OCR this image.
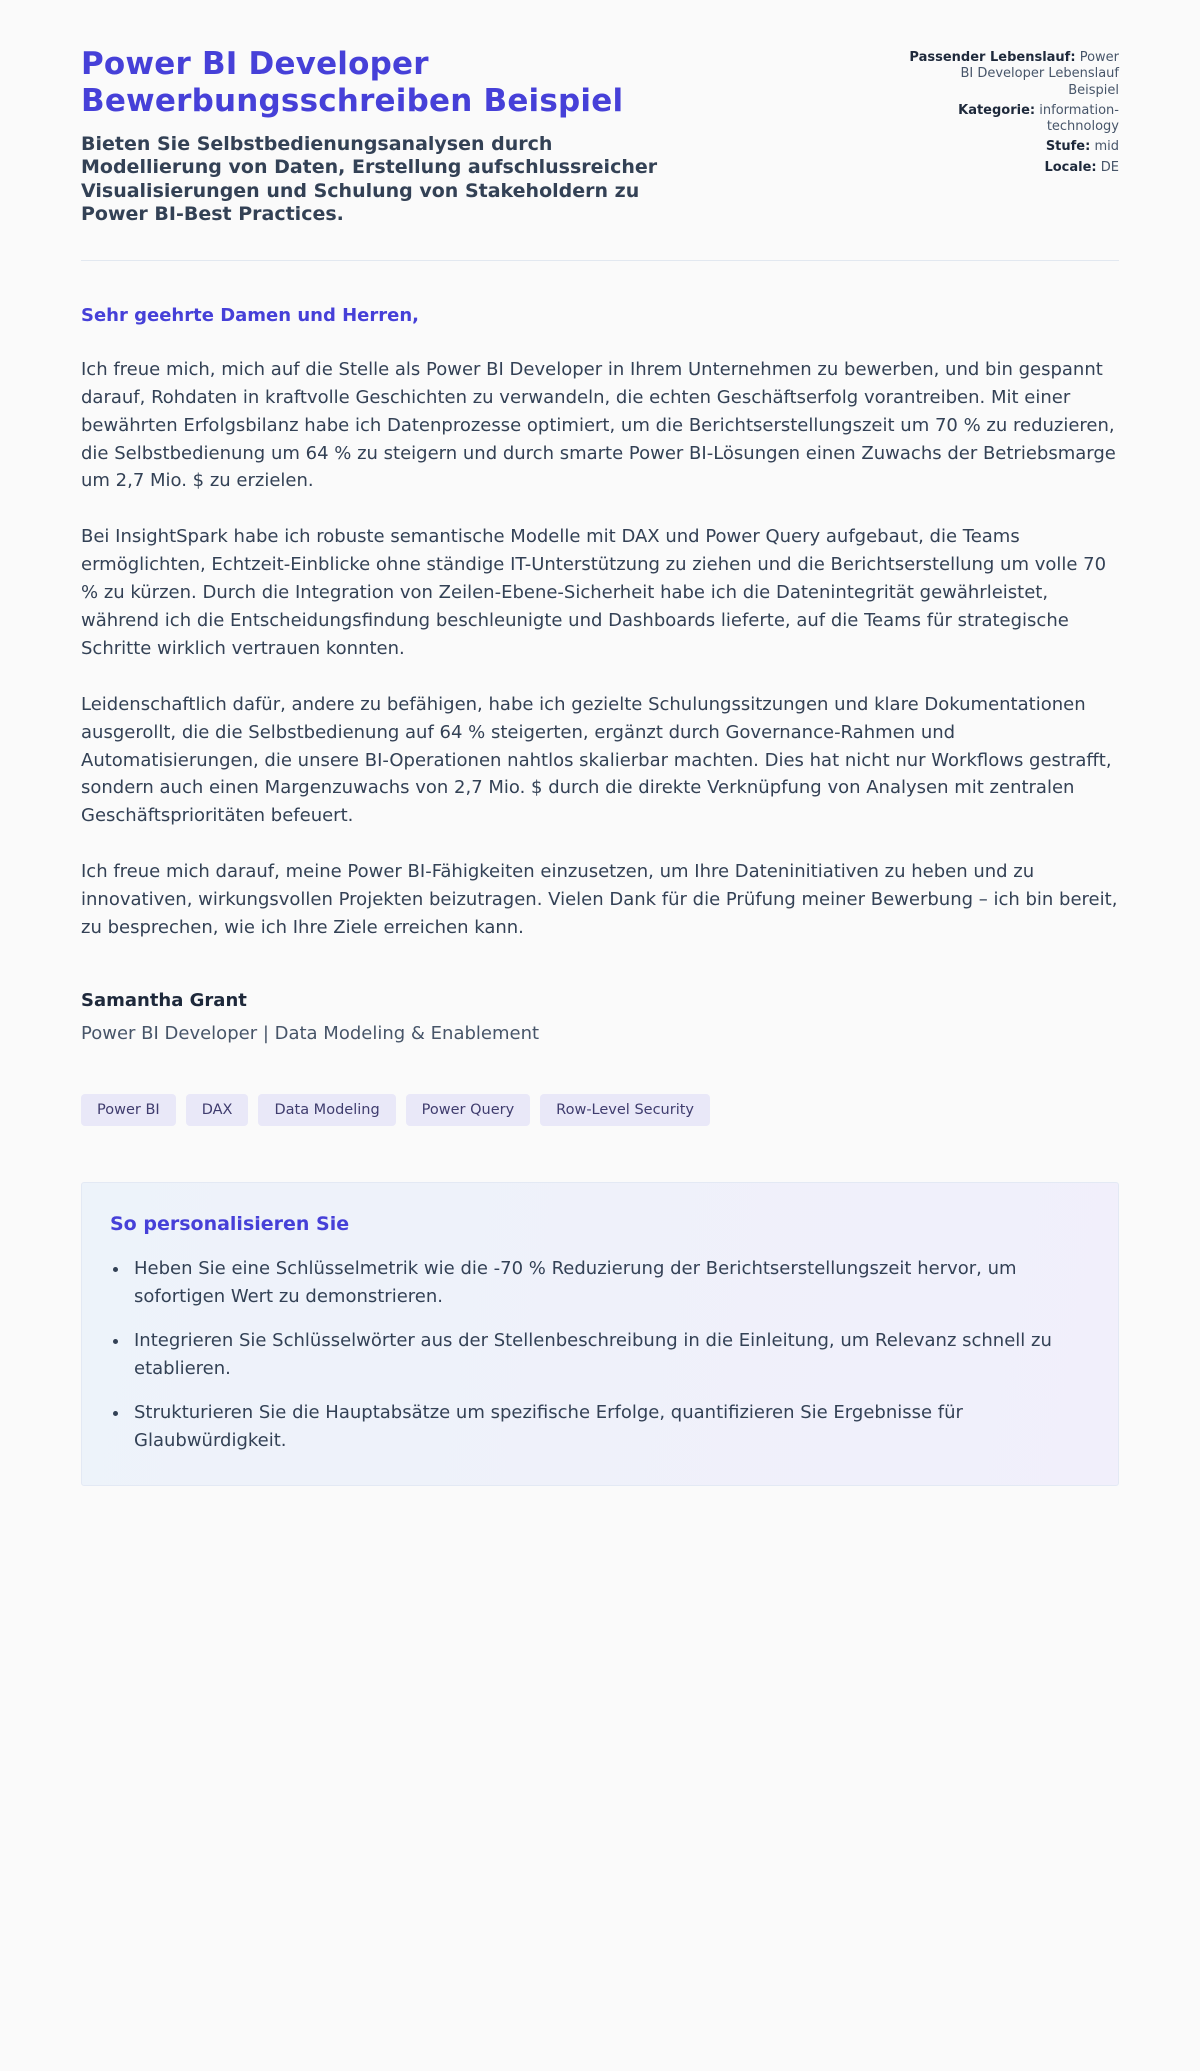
Power BI Developer Bewerbungsschreiben Beispiel

Bieten Sie Selbstbedienungsanalysen durch Modellierung von Daten, Erstellung aufschlussreicher Visualisierungen und Schulung von Stakeholdern zu Power BI-Best Practices.

Passender Lebenslauf: Power BI Developer Lebenslauf Beispiel

Kategorie: information-technology

Stufe: mid

Locale: DE

Sehr geehrte Damen und Herren,

Ich freue mich, mich auf die Stelle als Power BI Developer in Ihrem Unternehmen zu bewerben, und bin gespannt darauf, Rohdaten in kraftvolle Geschichten zu verwandeln, die echten Geschäftserfolg vorantreiben. Mit einer bewährten Erfolgsbilanz habe ich Datenprozesse optimiert, um die Berichtserstellungszeit um 70 % zu reduzieren, die Selbstbedienung um 64 % zu steigern und durch smarte Power BI-Lösungen einen Zuwachs der Betriebsmarge um 2,7 Mio. $ zu erzielen.

Bei InsightSpark habe ich robuste semantische Modelle mit DAX und Power Query aufgebaut, die Teams ermöglichten, Echtzeit-Einblicke ohne ständige IT-Unterstützung zu ziehen und die Berichtserstellung um volle 70 % zu kürzen. Durch die Integration von Zeilen-Ebene-Sicherheit habe ich die Datenintegrität gewährleistet, während ich die Entscheidungsfindung beschleunigte und Dashboards lieferte, auf die Teams für strategische Schritte wirklich vertrauen konnten.

Leidenschaftlich dafür, andere zu befähigen, habe ich gezielte Schulungssitzungen und klare Dokumentationen ausgerollt, die die Selbstbedienung auf 64 % steigerten, ergänzt durch Governance-Rahmen und Automatisierungen, die unsere BI-Operationen nahtlos skalierbar machten. Dies hat nicht nur Workflows gestrafft, sondern auch einen Margenzuwachs von 2,7 Mio. $ durch die direkte Verknüpfung von Analysen mit zentralen Geschäftsprioritäten befeuert.

Ich freue mich darauf, meine Power BI-Fähigkeiten einzusetzen, um Ihre Dateninitiativen zu heben und zu innovativen, wirkungsvollen Projekten beizutragen. Vielen Dank für die Prüfung meiner Bewerbung – ich bin bereit, zu besprechen, wie ich Ihre Ziele erreichen kann.

Samantha Grant

Power BI Developer | Data Modeling & Enablement

Power BI	DAX	Data Modeling	Power Query	Row-Level Security
So personalisieren Sie
• Heben Sie eine Schlüsselmetrik wie die -70 % Reduzierung der Berichtserstellungszeit hervor, um sofortigen Wert zu demonstrieren.
• Integrieren Sie Schlüsselwörter aus der Stellenbeschreibung in die Einleitung, um Relevanz schnell zu etablieren.
• Strukturieren Sie die Hauptabsätze um spezifische Erfolge, quantifizieren Sie Ergebnisse für Glaubwürdigkeit.
